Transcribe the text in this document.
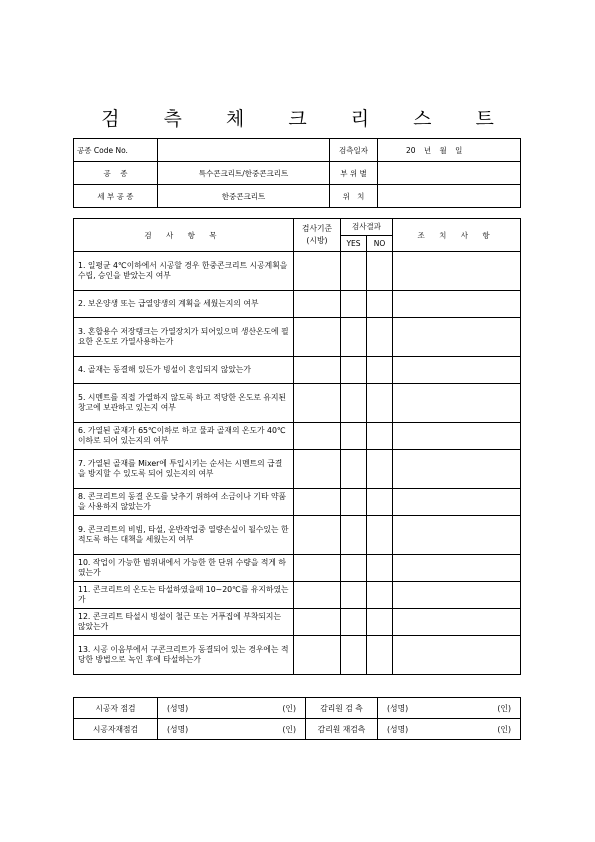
검 측 체 크 리 스 트
공종 Code No.		검측일자	20 년 월 일
공    종	특수콘크리트/한중콘크리트	부 위 별	
세 부 공 종	한중콘크리트	위   치	
검 사 항 목	검사기준 (시방)	검사결과		조 치 사 항
		YES	NO	
1. 일평균 4℃이하에서 시공할 경우 한중콘크리트 시공계획을 수립, 승인을 받았는지 여부				
2. 보온양생 또는 급열양생의 계획을 세웠는지의 여부				
3. 혼합용수 저장탱크는 가열장치가 되어있으며 생산온도에 필요한 온도로 가열사용하는가				
4. 골재는 동결해 있든가 빙설이 혼입되지 않았는가				
5. 시멘트를 직접 가열하지 않도록 하고 적당한 온도로 유지된 창고에 보관하고 있는지 여부				
6. 가열된 골재가 65℃이하로 하고 물과 골재의 온도가 40℃이하로 되어 있는지의 여부				
7. 가열된 골재를 Mixer에 투입시키는 순서는 시멘트의 급결을 방지할 수 있도록 되어 있는지의 여부				
8. 콘크리트의 동결 온도를 낮추기 위하여 소금이나 기타 약품을 사용하지 않았는가				
9. 콘크리트의 비빔, 타설, 운반작업중 열량손실이 될수있는 한 적도록 하는 대책을 세웠는지 여부				
10. 작업이 가능한 범위내에서 가능한 한 단위 수량을 적게 하였는가				
11. 콘크리트의 온도는 타설하였을때 10~20℃를 유지하였는가				
12. 콘크리트 타설시 빙설이 철근 또는 거푸집에 부착되지는 않았는가				
13. 시공 이음부에서 구콘크리트가 동결되어 있는 경우에는 적당한 방법으로 녹인 후에 타설하는가				
시공자 점검	(성명) (인)	감리원 검 측	(성명) (인)

시공자재점검	(성명) (인)	감리원 재검측	(성명) (인)
